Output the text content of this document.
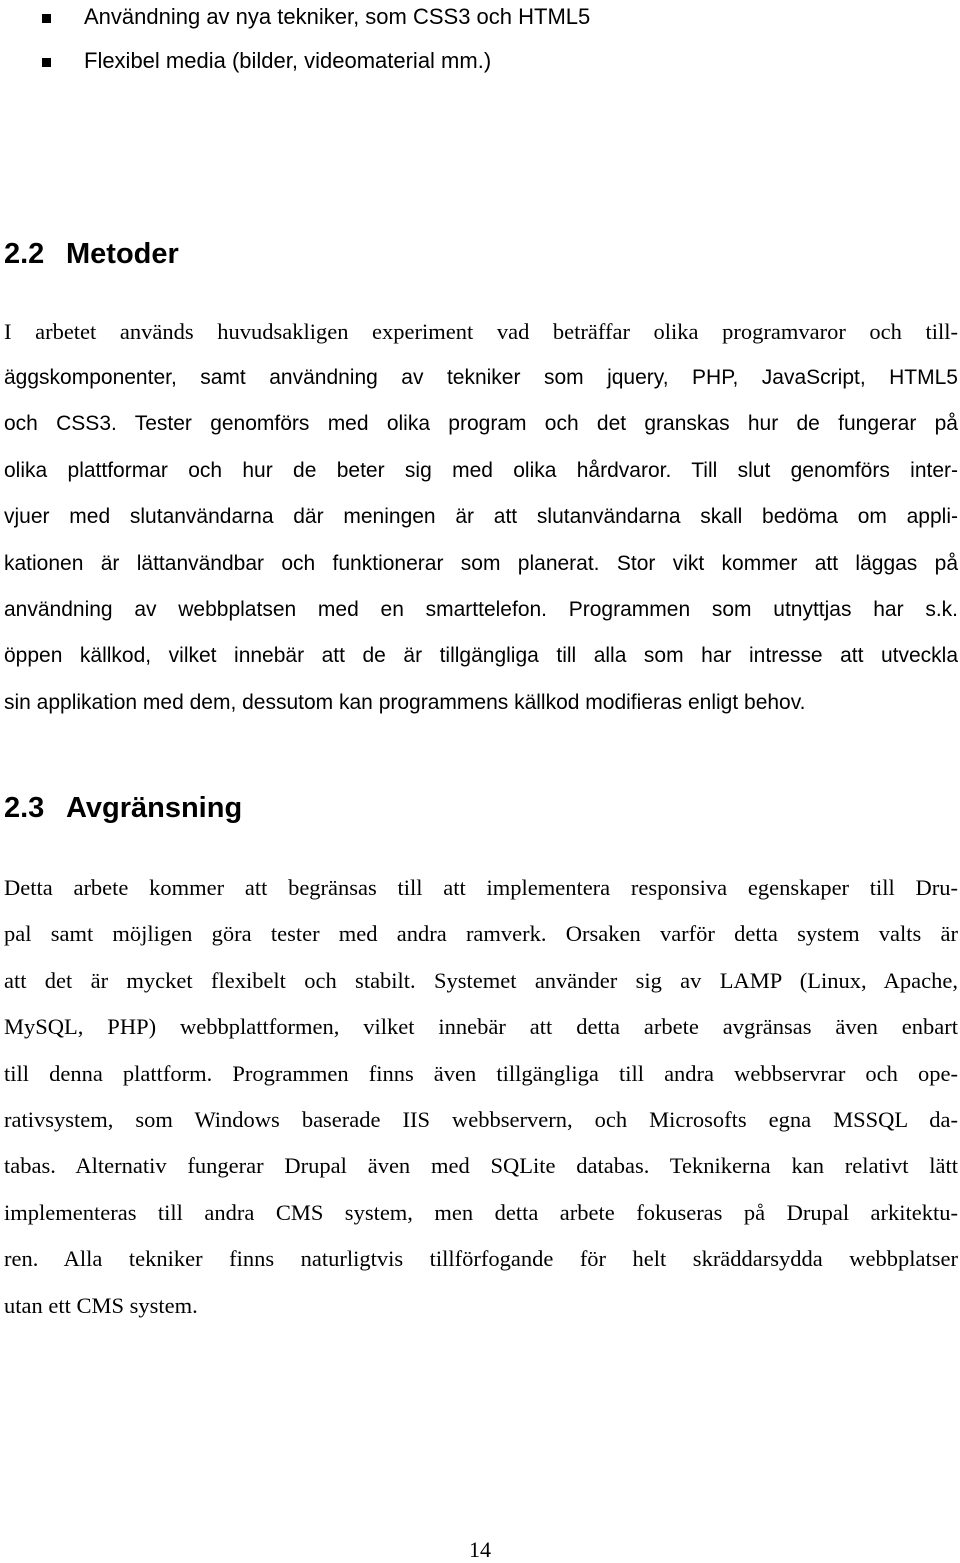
Användning av nya tekniker, som CSS3 och HTML5
Flexibel media (bilder, videomaterial mm.)
2.2 Metoder
I arbetet används huvudsakligen experiment vad beträffar olika programvaror och till-
äggskomponenter, samt användning av tekniker som jquery, PHP, JavaScript, HTML5
och CSS3. Tester genomförs med olika program och det granskas hur de fungerar på
olika plattformar och hur de beter sig med olika hårdvaror. Till slut genomförs inter-
vjuer med slutanvändarna där meningen är att slutanvändarna skall bedöma om appli-
kationen är lättanvändbar och funktionerar som planerat. Stor vikt kommer att läggas på
användning av webbplatsen med en smarttelefon. Programmen som utnyttjas har s.k.
öppen källkod, vilket innebär att de är tillgängliga till alla som har intresse att utveckla
sin applikation med dem, dessutom kan programmens källkod modifieras enligt behov.
2.3 Avgränsning
Detta arbete kommer att begränsas till att implementera responsiva egenskaper till Dru-
pal samt möjligen göra tester med andra ramverk. Orsaken varför detta system valts är
att det är mycket flexibelt och stabilt. Systemet använder sig av LAMP (Linux, Apache,
MySQL, PHP) webbplattformen, vilket innebär att detta arbete avgränsas även enbart
till denna plattform. Programmen finns även tillgängliga till andra webbservrar och ope-
rativsystem, som Windows baserade IIS webbservern, och Microsofts egna MSSQL da-
tabas. Alternativ fungerar Drupal även med SQLite databas. Teknikerna kan relativt lätt
implementeras till andra CMS system, men detta arbete fokuseras på Drupal arkitektu-
ren. Alla tekniker finns naturligtvis tillförfogande för helt skräddarsydda webbplatser
utan ett CMS system.
14
